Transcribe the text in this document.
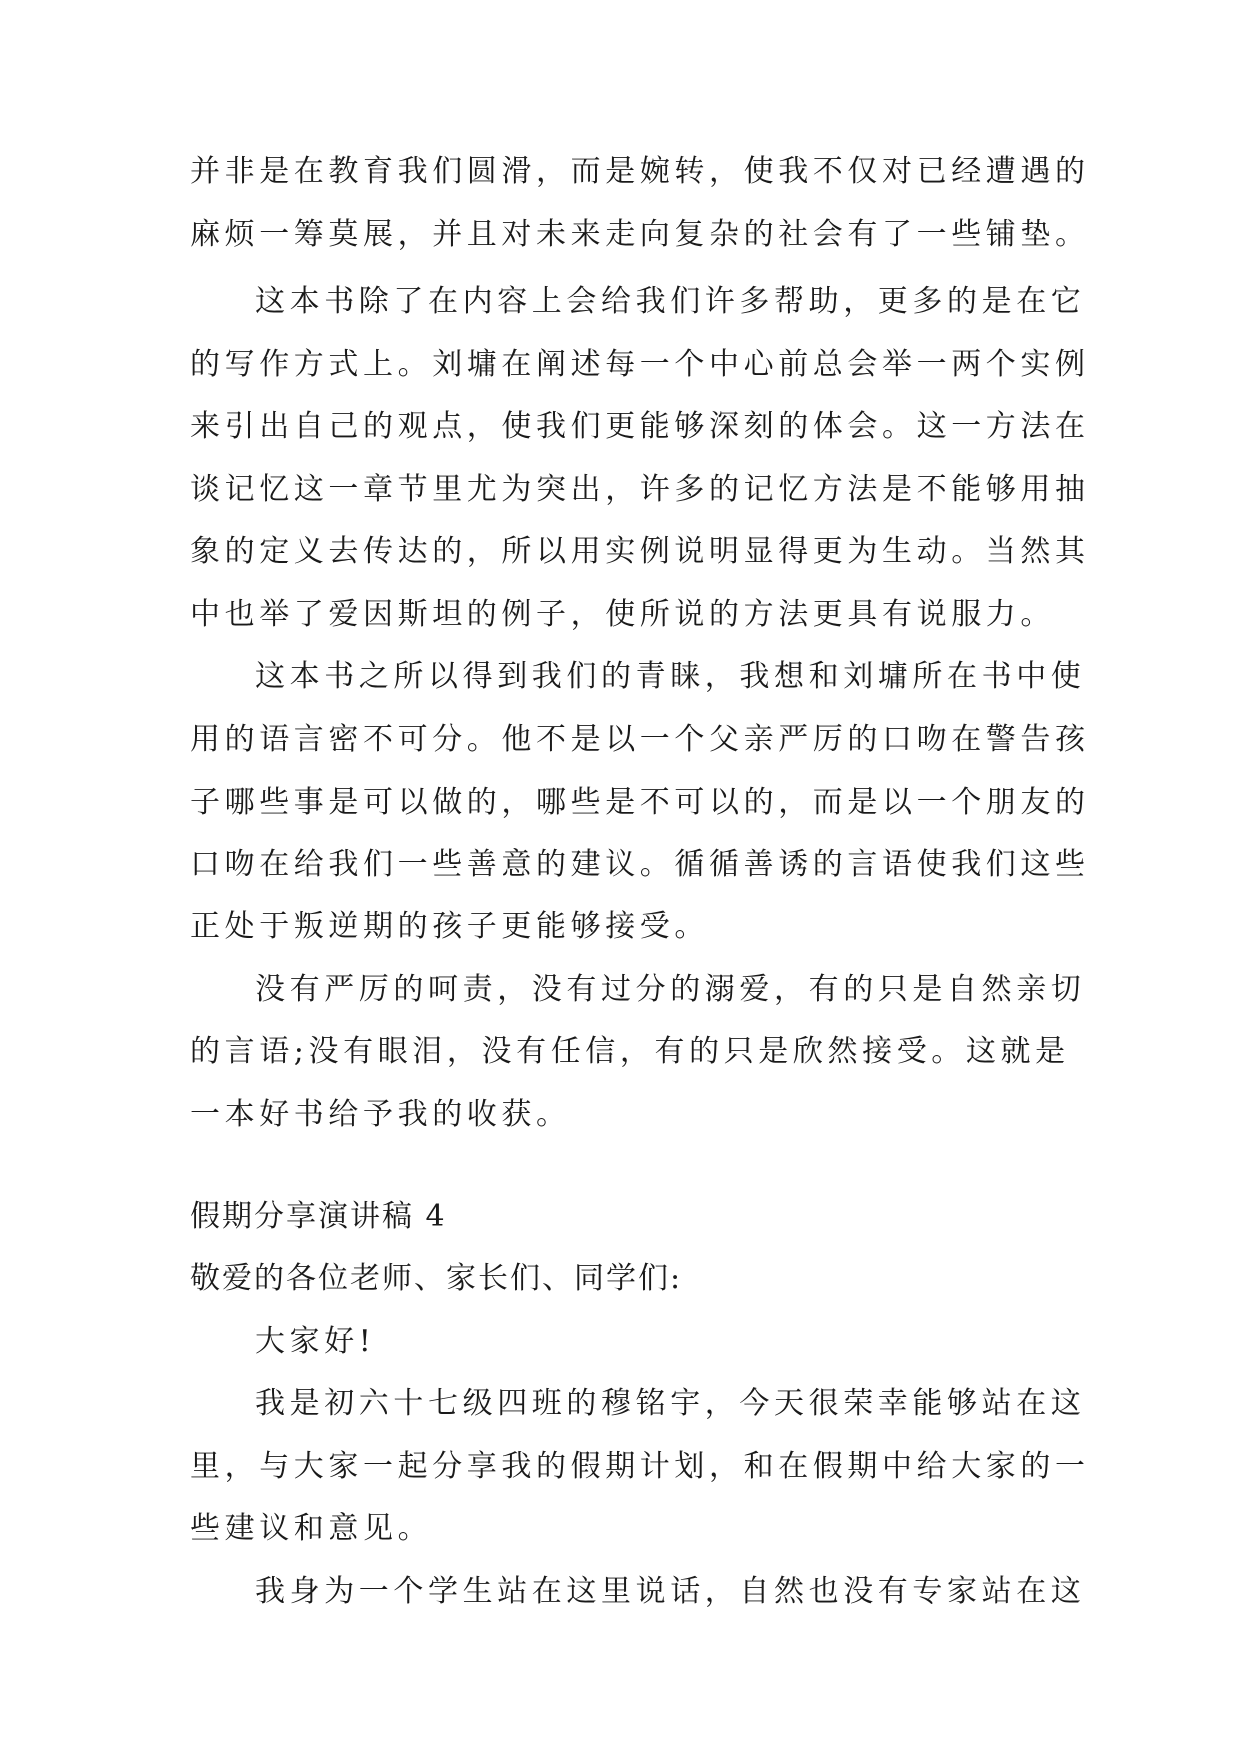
并非是在教育我们圆滑，而是婉转，使我不仅对已经遭遇的
麻烦一筹莫展，并且对未来走向复杂的社会有了一些铺垫。
这本书除了在内容上会给我们许多帮助，更多的是在它
的写作方式上。刘墉在阐述每一个中心前总会举一两个实例
来引出自己的观点，使我们更能够深刻的体会。这一方法在
谈记忆这一章节里尤为突出，许多的记忆方法是不能够用抽
象的定义去传达的，所以用实例说明显得更为生动。当然其
中也举了爱因斯坦的例子，使所说的方法更具有说服力。
这本书之所以得到我们的青睐，我想和刘墉所在书中使
用的语言密不可分。他不是以一个父亲严厉的口吻在警告孩
子哪些事是可以做的，哪些是不可以的，而是以一个朋友的
口吻在给我们一些善意的建议。循循善诱的言语使我们这些
正处于叛逆期的孩子更能够接受。
没有严厉的呵责，没有过分的溺爱，有的只是自然亲切
的言语;没有眼泪，没有任信，有的只是欣然接受。这就是
一本好书给予我的收获。
假期分享演讲稿 4
敬爱的各位老师、家长们、同学们:
大家好!
我是初六十七级四班的穆铭宇，今天很荣幸能够站在这
里，与大家一起分享我的假期计划，和在假期中给大家的一
些建议和意见。
我身为一个学生站在这里说话，自然也没有专家站在这
